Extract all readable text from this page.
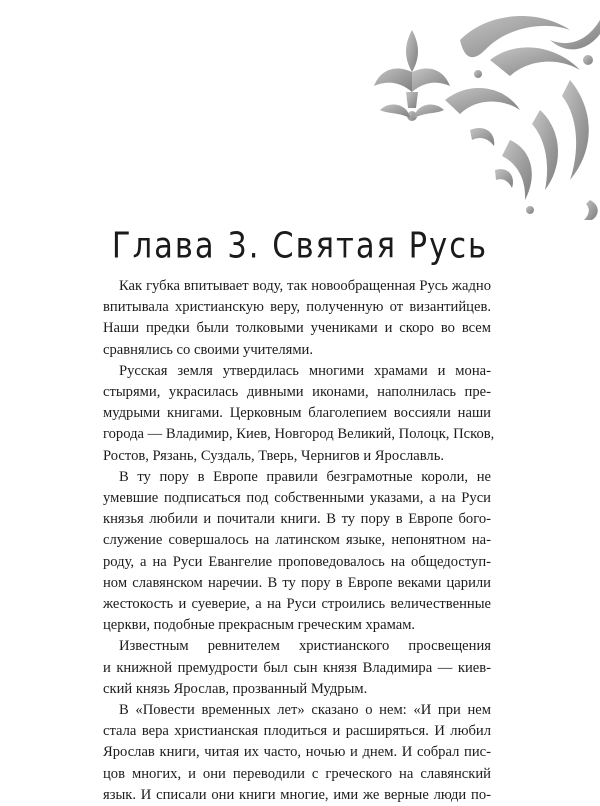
Глава 3. Святая Русь

Как губка впитывает воду, так новообращенная Русь жадно
впитывала христианскую веру, полученную от византийцев.
Наши предки были толковыми учениками и скоро во всем
сравнялись со своими учителями.

Русская земля утвердилась многими храмами и мона-
стырями, украсилась дивными иконами, наполнилась пре-
мудрыми книгами. Церковным благолепием воссияли наши
города — Владимир, Киев, Новгород Великий, Полоцк, Псков,
Ростов, Рязань, Суздаль, Тверь, Чернигов и Ярославль.

В ту пору в Европе правили безграмотные короли, не
умевшие подписаться под собственными указами, а на Руси
князья любили и почитали книги. В ту пору в Европе бого-
служение совершалось на латинском языке, непонятном на-
роду, а на Руси Евангелие проповедовалось на общедоступ-
ном славянском наречии. В ту пору в Европе веками царили
жестокость и суеверие, а на Руси строились величественные
церкви, подобные прекрасным греческим храмам.

Известным ревнителем христианского просвещения
и книжной премудрости был сын князя Владимира — киев-
ский князь Ярослав, прозванный Мудрым.

В «Повести временных лет» сказано о нем: «И при нем
стала вера христианская плодиться и расширяться. И любил
Ярослав книги, читая их часто, ночью и днем. И собрал пис-
цов многих, и они переводили с греческого на славянский
язык. И списали они книги многие, ими же верные люди по-
